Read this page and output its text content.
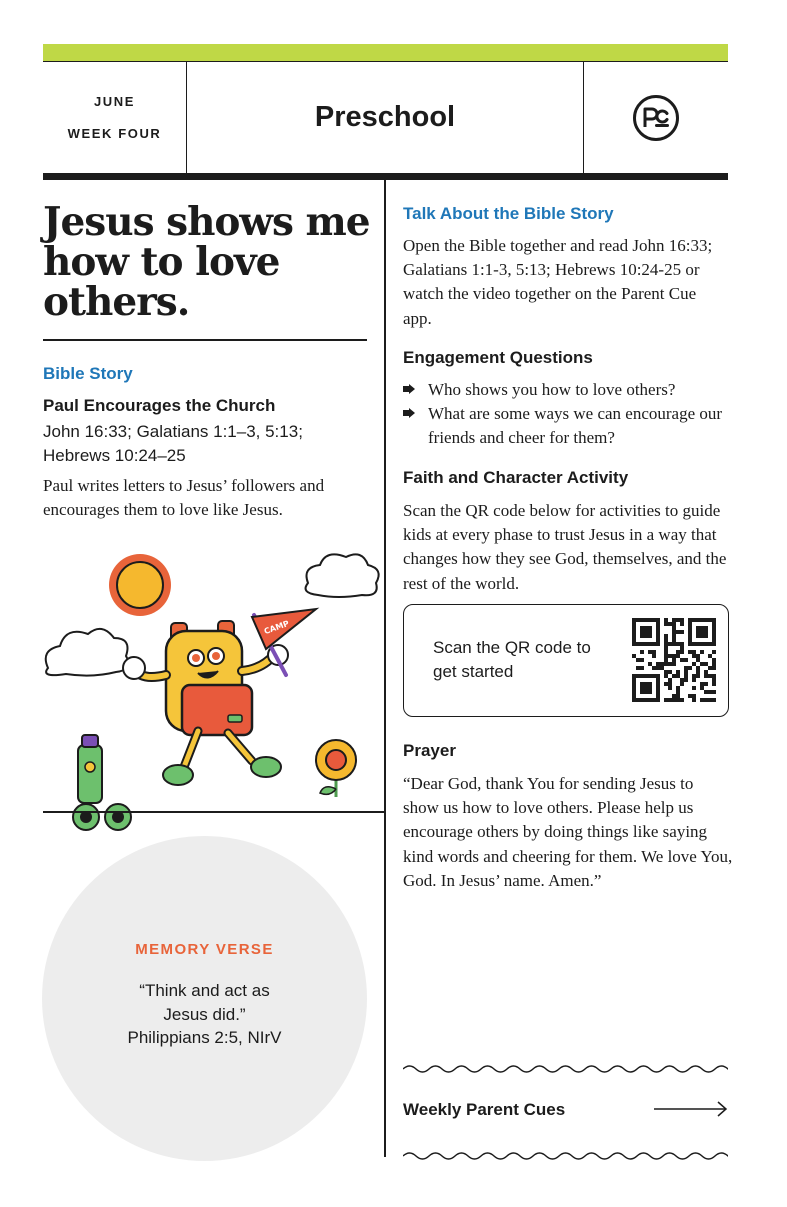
JUNE
WEEK FOUR
Preschool
Jesus shows me how to love others.
Bible Story
Paul Encourages the Church
John 16:33; Galatians 1:1–3, 5:13; Hebrews 10:24–25

Paul writes letters to Jesus’ followers and encourages them to love like Jesus.

CAMP
MEMORY VERSE
“Think and act as Jesus did.”
Philippians 2:5, NIrV
Talk About the Bible Story

Open the Bible together and read John 16:33; Galatians 1:1-3, 5:13; Hebrews 10:24-25 or watch the video together on the Parent Cue app.

Engagement Questions
Who shows you how to love others?
What are some ways we can encourage our friends and cheer for them?
Faith and Character Activity

Scan the QR code below for activities to guide kids at every phase to trust Jesus in a way that changes how they see God, themselves, and the rest of the world.

Scan the QR code to get started
Prayer

“Dear God, thank You for sending Jesus to show us how to love others. Please help us encourage others by doing things like saying kind words and cheering for them. We love You, God. In Jesus’ name. Amen.”

Weekly Parent Cues
